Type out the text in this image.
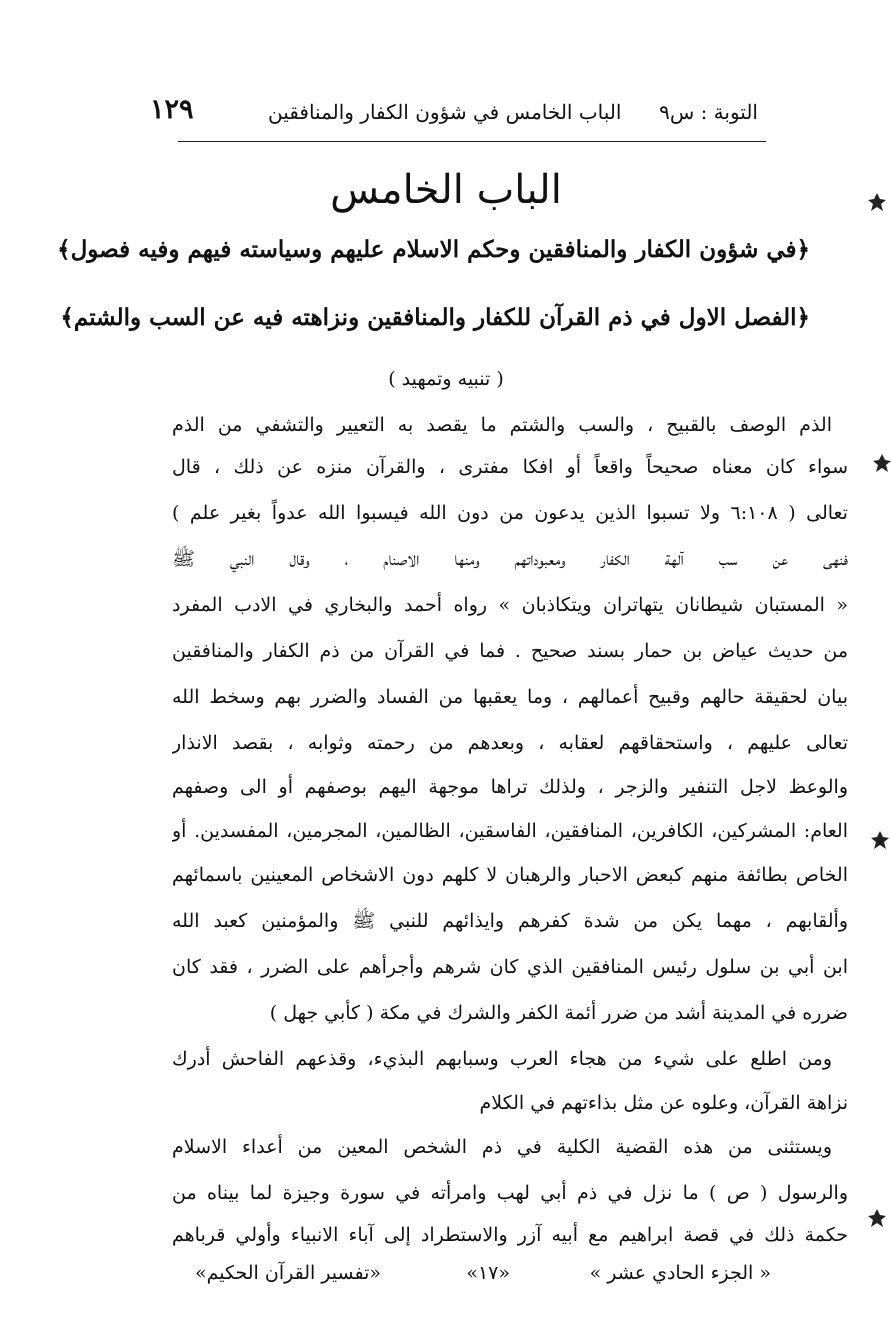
١٢٩	الباب الخامس في شؤون الكفار والمنافقين التوبة : س٩
الباب الخامس
﴿في شؤون الكفار والمنافقين وحكم الاسلام عليهم وسياسته فيهم وفيه فصول﴾
﴿الفصل الاول في ذم القرآن للكفار والمنافقين ونزاهته فيه عن السب والشتم﴾
( تنبيه وتمهيد )
الذم الوصف بالقبيح ، والسب والشتم ما يقصد به التعيير والتشفي من الذم
سواء كان معناه صحيحاً واقعاً أو افكا مفترى ، والقرآن منزه عن ذلك ، قال
تعالى ( ٦:١٠٨ ولا تسبوا الذين يدعون من دون الله فيسبوا الله عدواً بغير علم )
فنهى عن سب آلهة الكفار ومعبوداتهم ومنها الاصنام ، وقال النبي ﷺ
« المستبان شيطانان يتهاتران ويتكاذبان » رواه أحمد والبخاري في الادب المفرد
من حديث عياض بن حمار بسند صحيح . فما في القرآن من ذم الكفار والمنافقين
بيان لحقيقة حالهم وقبيح أعمالهم ، وما يعقبها من الفساد والضرر بهم وسخط الله
تعالى عليهم ، واستحقاقهم لعقابه ، وبعدهم من رحمته وثوابه ، بقصد الانذار
والوعظ لاجل التنفير والزجر ، ولذلك تراها موجهة اليهم بوصفهم أو الى وصفهم
العام: المشركين، الكافرين، المنافقين، الفاسقين، الظالمين، المجرمين، المفسدين. أو
الخاص بطائفة منهم كبعض الاحبار والرهبان لا كلهم دون الاشخاص المعينين باسمائهم
وألقابهم ، مهما يكن من شدة كفرهم وايذائهم للنبي ﷺ والمؤمنين كعبد الله
ابن أبي بن سلول رئيس المنافقين الذي كان شرهم وأجرأهم على الضرر ، فقد كان
ضرره في المدينة أشد من ضرر أئمة الكفر والشرك في مكة ( كأبي جهل )
ومن اطلع على شيء من هجاء العرب وسبابهم البذيء، وقذعهم الفاحش أدرك
نزاهة القرآن، وعلوه عن مثل بذاءتهم في الكلام
ويستثنى من هذه القضية الكلية في ذم الشخص المعين من أعداء الاسلام
والرسول ( ص ) ما نزل في ذم أبي لهب وامرأته في سورة وجيزة لما بيناه من
حكمة ذلك في قصة ابراهيم مع أبيه آزر والاستطراد إلى آباء الانبياء وأولي قرباهم
« الجزء الحادي عشر »
«١٧»
«تفسير القرآن الحكيم»
